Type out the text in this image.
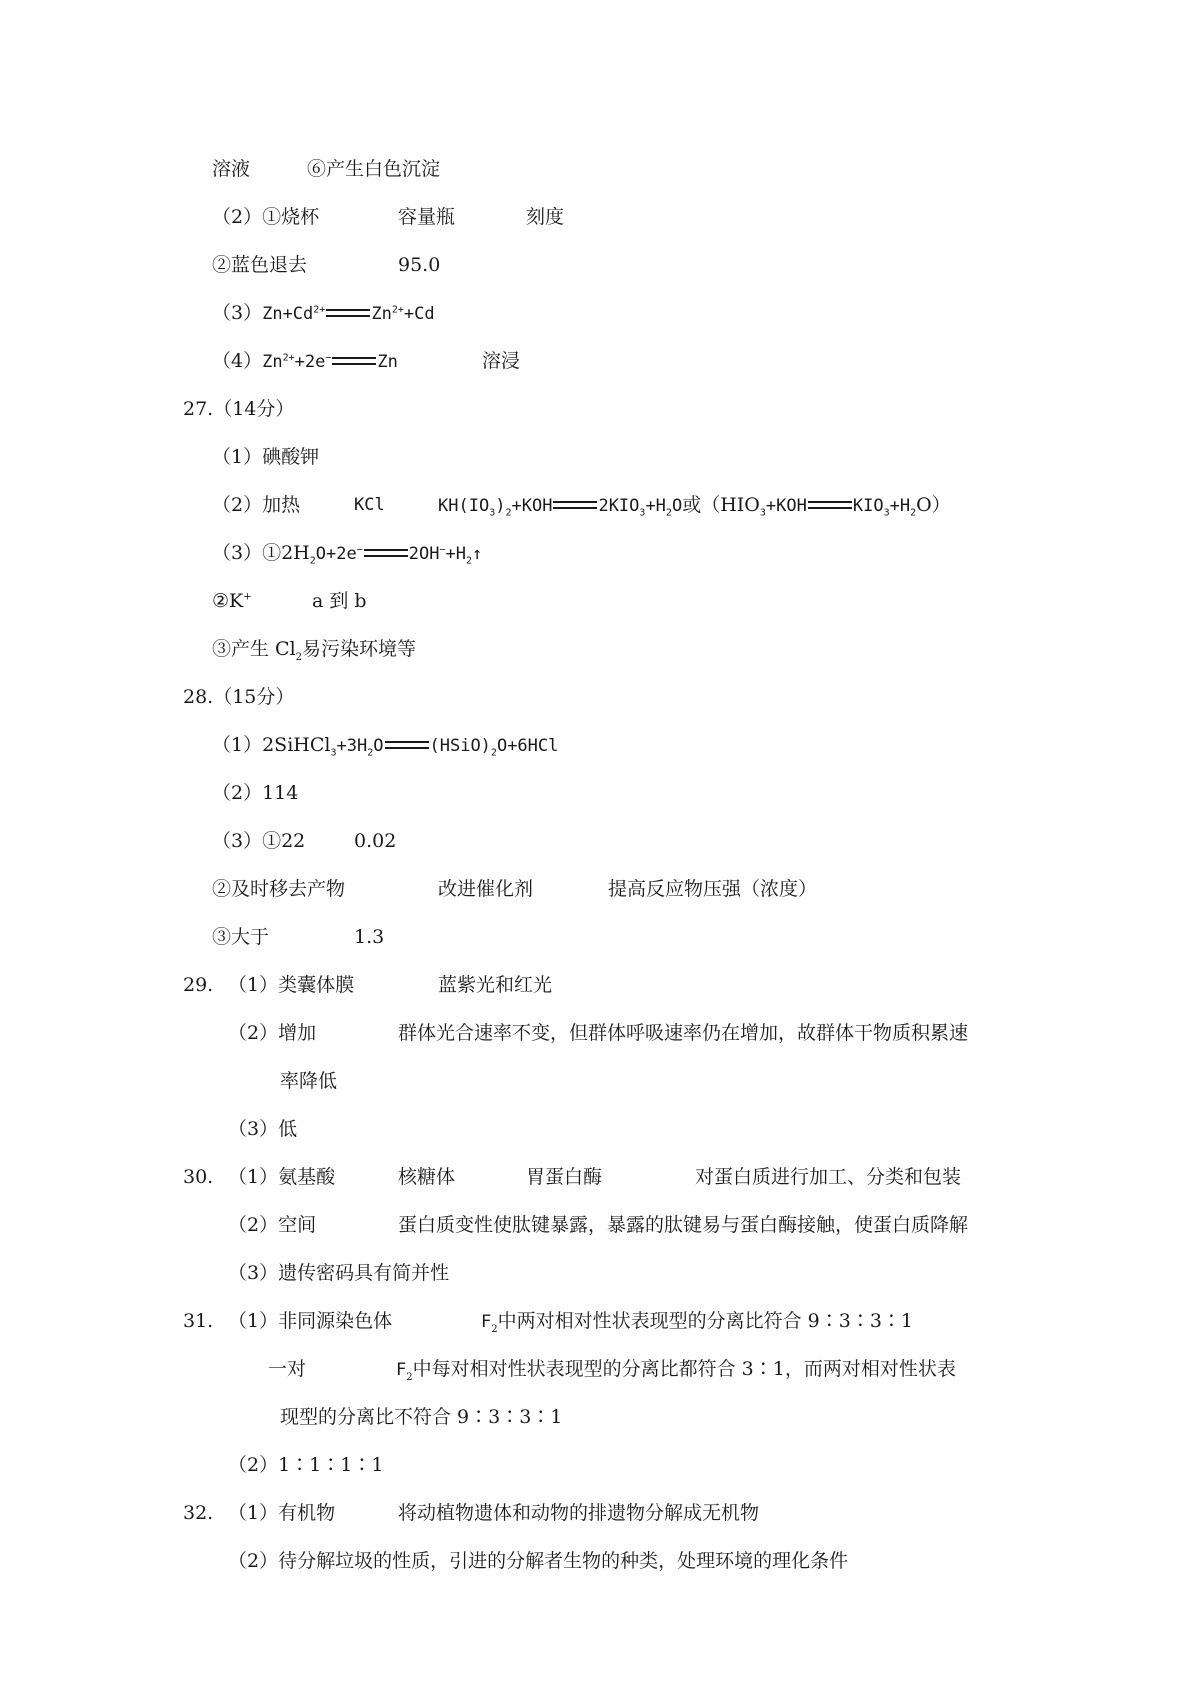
溶液	⑥产生白色沉淀
（2）①烧杯	容量瓶	刻度
②蓝色退去	95.0
$(3)Zn+Cd^{2+}$	$Zn^{2+}+Cd$
$(4)Zn^{2+}+2e^-$	Zn	溶浸
27.（14分）
（1）碘酸钾
（2）加热	KCl	$KH(IO_3)_2+KOH$	$2KIO_3+H_2O$或（$HIO_3+KOH$	$KIO_3+H_2O$）
$(3)①2H_2O+2e^-$	$2OH^-+H_2↑$
②K+	a 到 b
③产生 $Cl_2$易污染环境等
28.（15分）
$(1)2SiHCl_3+3H_2O$	$(HSiO)_2O+6HCl$
（2）114
（3）①22	0.02
②及时移去产物	改进催化剂	提高反应物压强（浓度）
③大于	1.3
29. （1）类囊体膜	蓝紫光和红光
（2）增加	群体光合速率不变，但群体呼吸速率仍在增加，故群体干物质积累速
率降低
（3）低
30. （1）氨基酸	核糖体	胃蛋白酶	对蛋白质进行加工、分类和包装
（2）空间	蛋白质变性使肽键暴露，暴露的肽键易与蛋白酶接触，使蛋白质降解
（3）遗传密码具有简并性
31. （1）非同源染色体	$F_2$中两对相对性状表现型的分离比符合 9∶3∶3∶1
一对	$F_2$中每对相对性状表现型的分离比都符合 3∶1，而两对相对性状表
现型的分离比不符合 9∶3∶3∶1
（2）1∶1∶1∶1
32. （1）有机物	将动植物遗体和动物的排遗物分解成无机物
（2）待分解垃圾的性质，引进的分解者生物的种类，处理环境的理化条件
